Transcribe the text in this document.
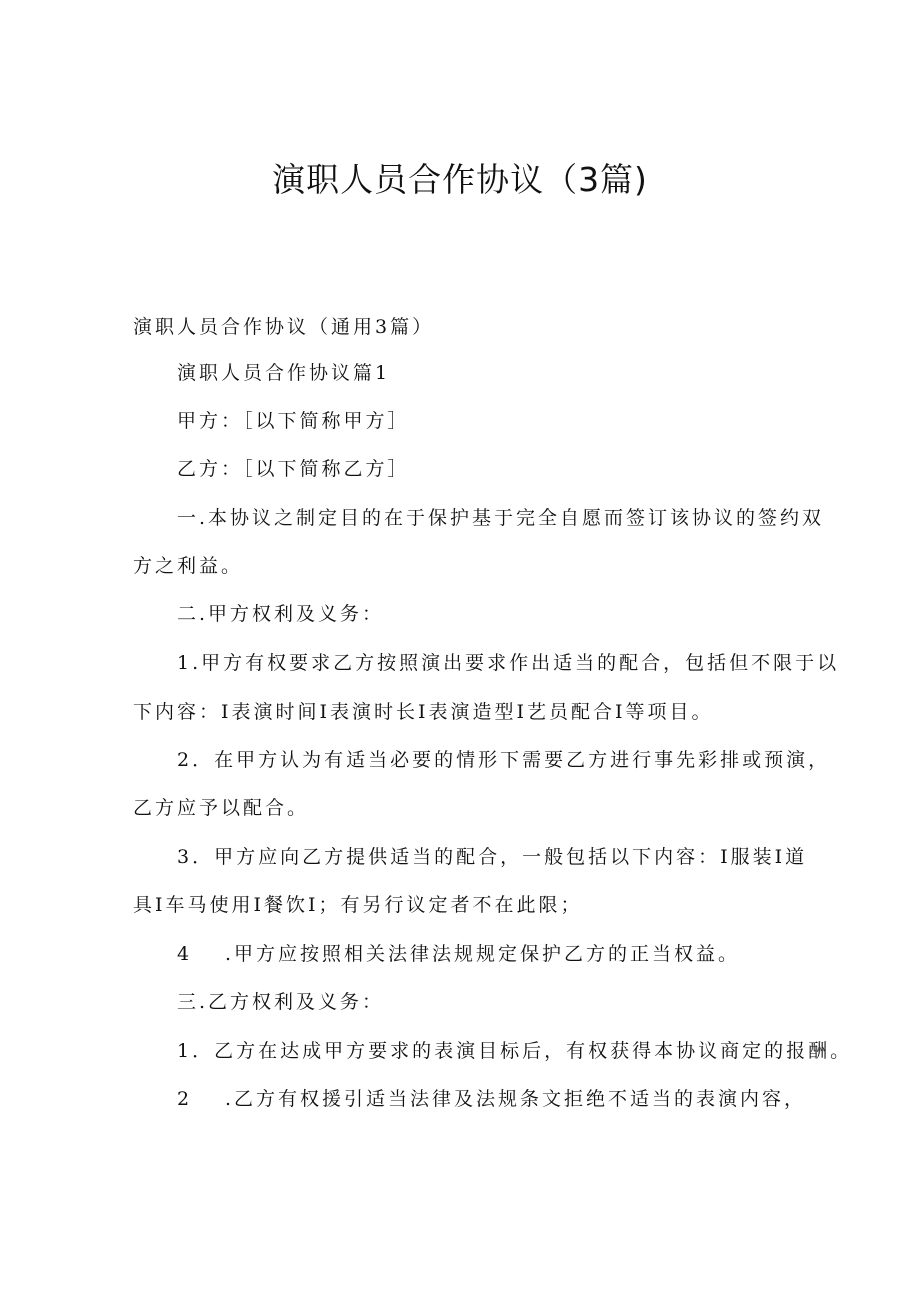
演职人员合作协议（3篇)
演职人员合作协议（通用3篇）
演职人员合作协议篇1
甲方：［以下简称甲方］
乙方：［以下简称乙方］
一.本协议之制定目的在于保护基于完全自愿而签订该协议的签约双
方之利益。
二.甲方权利及义务：
1.甲方有权要求乙方按照演出要求作出适当的配合，包括但不限于以
下内容：I表演时间I表演时长I表演造型I艺员配合I等项目。
2．在甲方认为有适当必要的情形下需要乙方进行事先彩排或预演，
乙方应予以配合。
3．甲方应向乙方提供适当的配合，一般包括以下内容：I服装I道
具I车马使用I餐饮I；有另行议定者不在此限；
4 .甲方应按照相关法律法规规定保护乙方的正当权益。
三.乙方权利及义务：
1．乙方在达成甲方要求的表演目标后，有权获得本协议商定的报酬。
2 .乙方有权援引适当法律及法规条文拒绝不适当的表演内容，
